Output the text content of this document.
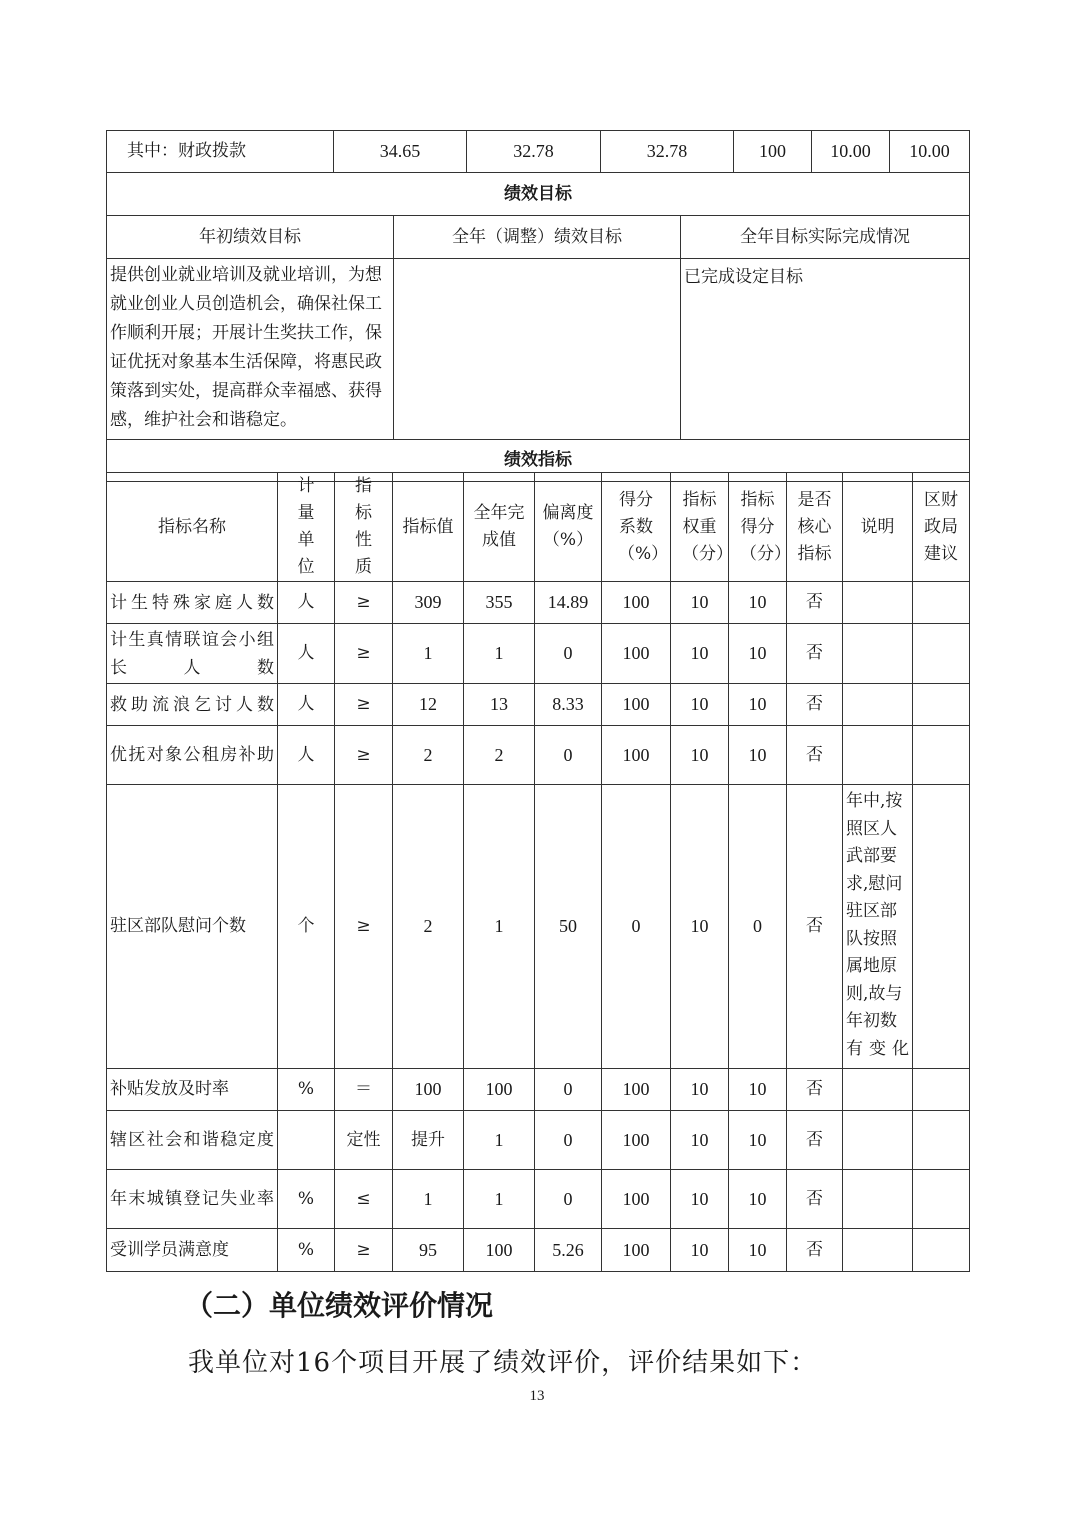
其中：财政拨款	34.65	32.78	32.78	100	10.00	10.00
绩效目标		
年初绩效目标	全年（调整）绩效目标	全年目标实际完成情况
提供创业就业培训及就业培训，为想就业创业人员创造机会，确保社保工作顺利开展；开展计生奖扶工作，保证优抚对象基本生活保障，将惠民政策落到实处，提高群众幸福感、获得感，维护社会和谐稳定。		已完成设定目标
绩效指标		
指标名称	计量单位	指标性质	指标值	全年完成值	偏离度（%）	得分系数（%）	指标权重（分）	指标得分（分）	是否核心指标	说明	区财政局建议
计生特殊家庭人数	人	≥	309	355	14.89	100	10	10	否		
计生真情联谊会小组长人数	人	≥	1	1	0	100	10	10	否		
救助流浪乞讨人数	人	≥	12	13	8.33	100	10	10	否		
优抚对象公租房补助	人	≥	2	2	0	100	10	10	否		
驻区部队慰问个数	个	≥	2	1	50	0	10	0	否	年中,按照区人武部要求,慰问驻区部队按照属地原则,故与年初数有变化	
补贴发放及时率	%	＝	100	100	0	100	10	10	否		
辖区社会和谐稳定度		定性	提升	1	0	100	10	10	否		
年末城镇登记失业率	%	≤	1	1	0	100	10	10	否		
受训学员满意度	%	≥	95	100	5.26	100	10	10	否		
（二）单位绩效评价情况
我单位对16个项目开展了绩效评价，评价结果如下：
13
